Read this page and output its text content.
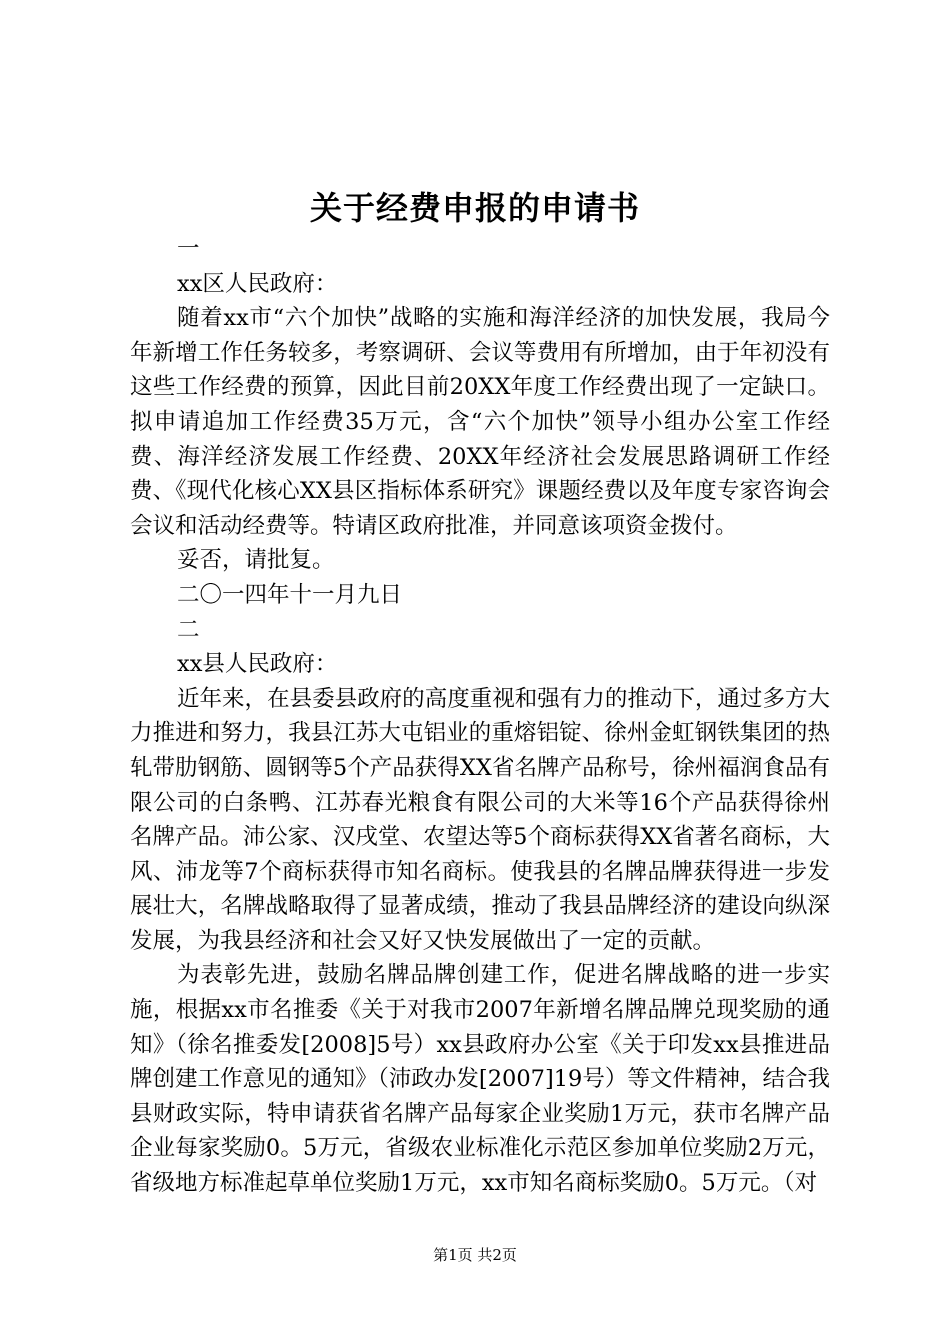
关于经费申报的申请书

一

xx区人民政府：

随着xx市“六个加快”战略的实施和海洋经济的加快发展，我局今年新增工作任务较多，考察调研、会议等费用有所增加，由于年初没有这些工作经费的预算，因此目前20XX年度工作经费出现了一定缺口。拟申请追加工作经费35万元，含“六个加快”领导小组办公室工作经费、海洋经济发展工作经费、20XX年经济社会发展思路调研工作经费、《现代化核心XX县区指标体系研究》课题经费以及年度专家咨询会会议和活动经费等。特请区政府批准，并同意该项资金拨付。

妥否，请批复。

二〇一四年十一月九日

二

xx县人民政府：

近年来，在县委县政府的高度重视和强有力的推动下，通过多方大力推进和努力，我县江苏大屯铝业的重熔铝锭、徐州金虹钢铁集团的热轧带肋钢筋、圆钢等5个产品获得XX省名牌产品称号，徐州福润食品有限公司的白条鸭、江苏春光粮食有限公司的大米等16个产品获得徐州名牌产品。沛公家、汉戌堂、农望达等5个商标获得XX省著名商标，大风、沛龙等7个商标获得市知名商标。使我县的名牌品牌获得进一步发展壮大，名牌战略取得了显著成绩，推动了我县品牌经济的建设向纵深发展，为我县经济和社会又好又快发展做出了一定的贡献。

为表彰先进，鼓励名牌品牌创建工作，促进名牌战略的进一步实施，根据xx市名推委《关于对我市2007年新增名牌品牌兑现奖励的通知》（徐名推委发[2008]5号）xx县政府办公室《关于印发xx县推进品牌创建工作意见的通知》（沛政办发[2007]19号）等文件精神，结合我县财政实际，特申请获省名牌产品每家企业奖励1万元，获市名牌产品企业每家奖励0。5万元，省级农业标准化示范区参加单位奖励2万元，省级地方标准起草单位奖励1万元，xx市知名商标奖励0。5万元。（对

第1页 共2页
